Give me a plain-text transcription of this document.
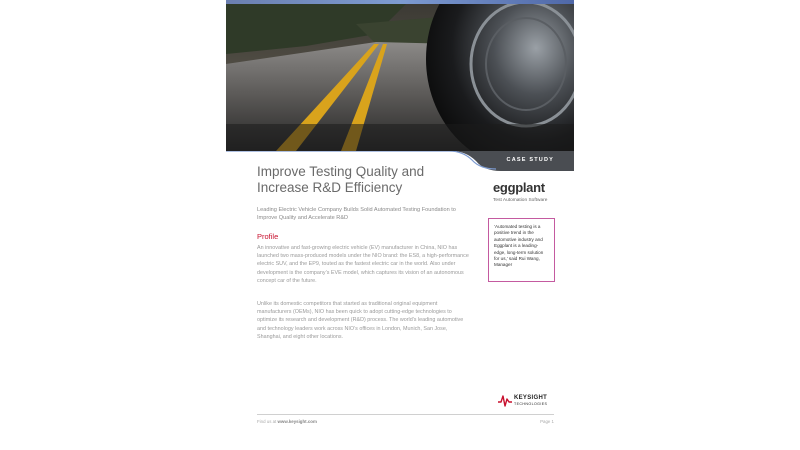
CASE STUDY
Improve Testing Quality and Increase R&D Efficiency

Leading Electric Vehicle Company Builds Solid Automated Testing Foundation to Improve Quality and Accelerate R&D

Profile

An innovative and fast-growing electric vehicle (EV) manufacturer in China, NIO has launched two mass-produced models under the NIO brand: the ES8, a high-performance electric SUV, and the EP9, touted as the fastest electric car in the world. Also under development is the company’s EVE model, which captures its vision of an autonomous concept car of the future.

Unlike its domestic competitors that started as traditional original equipment manufacturers (OEMs), NIO has been quick to adopt cutting-edge technologies to optimize its research and development (R&D) process. The world’s leading automotive and technology leaders work across NIO’s offices in London, Munich, San Jose, Shanghai, and eight other locations.

eggplant
Test Automation Software

‘Automated testing is a positive trend in the automotive industry and Eggplant is a leading-edge, long-term solution for us,’ said Rui Wang, Manager

KEYSIGHT
TECHNOLOGIES
Find us at www.keysight.com	Page 1
